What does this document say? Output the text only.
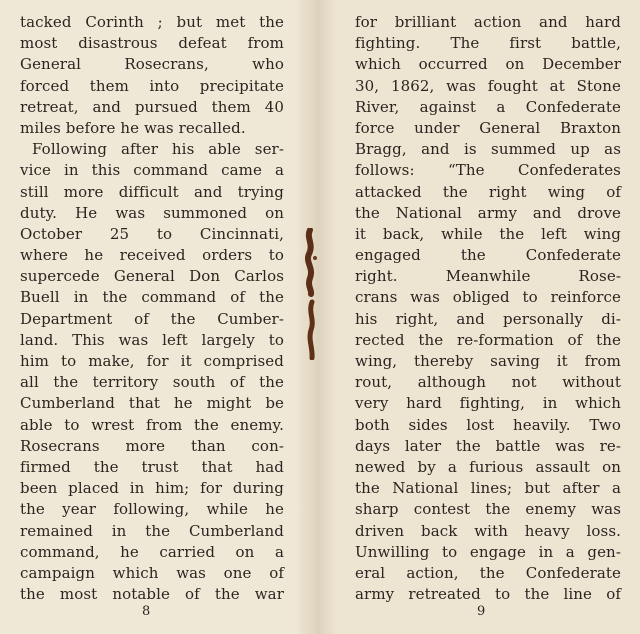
tacked Corinth ; but met the
most disastrous defeat from
General Rosecrans, who
forced them into precipitate
retreat, and pursued them 40
miles before he was recalled.
Following after his able ser-
vice in this command came a
still more difficult and trying
duty. He was summoned on
October 25 to Cincinnati,
where he received orders to
supercede General Don Carlos
Buell in the command of the
Department of the Cumber-
land. This was left largely to
him to make, for it comprised
all the territory south of the
Cumberland that he might be
able to wrest from the enemy.
Rosecrans more than con-
firmed the trust that had
been placed in him; for during
the year following, while he
remained in the Cumberland
command, he carried on a
campaign which was one of
the most notable of the war
8
for brilliant action and hard
fighting. The first battle,
which occurred on December
30, 1862, was fought at Stone
River, against a Confederate
force under General Braxton
Bragg, and is summed up as
follows: “The Confederates
attacked the right wing of
the National army and drove
it back, while the left wing
engaged the Confederate
right. Meanwhile Rose-
crans was obliged to reinforce
his right, and personally di-
rected the re-formation of the
wing, thereby saving it from
rout, although not without
very hard fighting, in which
both sides lost heavily. Two
days later the battle was re-
newed by a furious assault on
the National lines; but after a
sharp contest the enemy was
driven back with heavy loss.
Unwilling to engage in a gen-
eral action, the Confederate
army retreated to the line of
9
